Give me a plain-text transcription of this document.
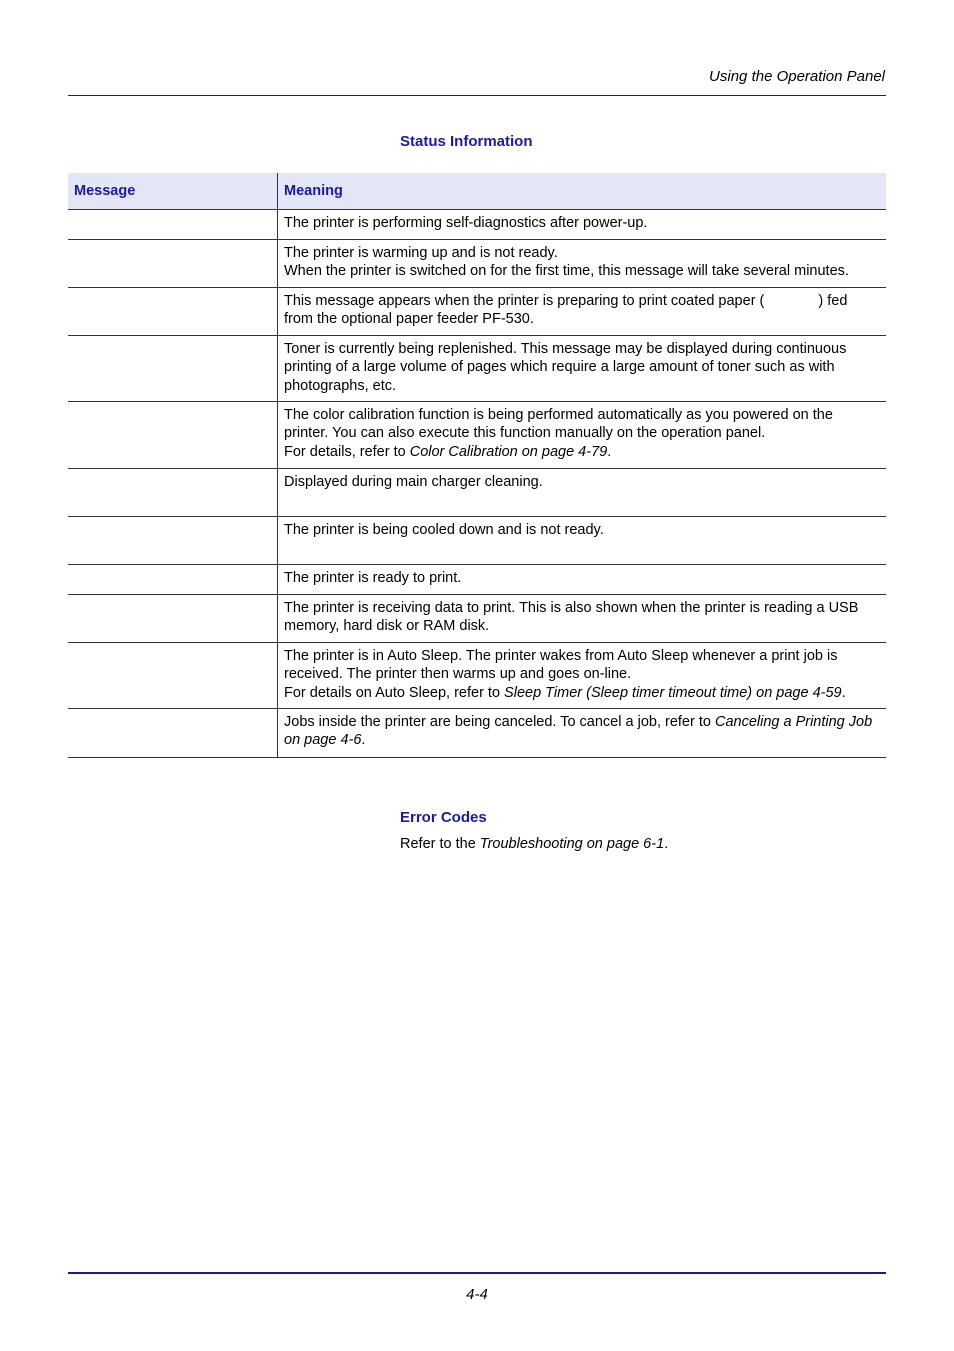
Using the Operation Panel
Status Information
Message	Meaning
	The printer is performing self-diagnostics after power-up.
	The printer is warming up and is not ready.
When the printer is switched on for the first time, this message will take several minutes.
	This message appears when the printer is preparing to print coated paper ( ) fed from the optional paper feeder PF-530.
	Toner is currently being replenished. This message may be displayed during continuous printing of a large volume of pages which require a large amount of toner such as with photographs, etc.
	The color calibration function is being performed automatically as you powered on the printer. You can also execute this function manually on the operation panel.
For details, refer to Color Calibration on page 4-79.
	Displayed during main charger cleaning.
	The printer is being cooled down and is not ready.
	The printer is ready to print.
	The printer is receiving data to print. This is also shown when the printer is reading a USB memory, hard disk or RAM disk.
	The printer is in Auto Sleep. The printer wakes from Auto Sleep whenever a print job is received. The printer then warms up and goes on-line.
For details on Auto Sleep, refer to Sleep Timer (Sleep timer timeout time) on page 4-59.
	Jobs inside the printer are being canceled. To cancel a job, refer to Canceling a Printing Job on page 4-6.
Error Codes
Refer to the Troubleshooting on page 6-1.
4-4
